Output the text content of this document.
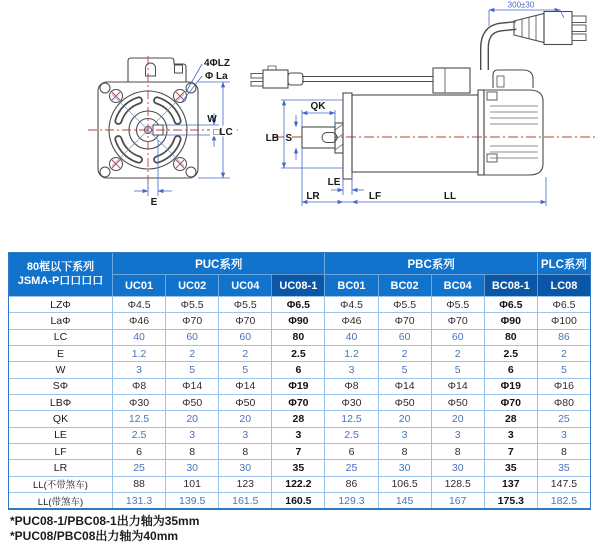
4ΦLZ
Φ La
W
□LC
E
300±30
LB S
QK
LE
LR	LF	LL
80框以下系列
JSMA-P口口口口
PUC系列	PBC系列	PLC系列
UC01	UC02	UC04	UC08-1	BC01	BC02	BC04	BC08-1	LC08
LZΦ	Φ4.5	Φ5.5	Φ5.5	Φ6.5	Φ4.5	Φ5.5	Φ5.5	Φ6.5	Φ6.5
LaΦ	Φ46	Φ70	Φ70	Φ90	Φ46	Φ70	Φ70	Φ90	Φ100
LC	40	60	60	80	40	60	60	80	86
E	1.2	2	2	2.5	1.2	2	2	2.5	2
W	3	5	5	6	3	5	5	6	5
SΦ	Φ8	Φ14	Φ14	Φ19	Φ8	Φ14	Φ14	Φ19	Φ16
LBΦ	Φ30	Φ50	Φ50	Φ70	Φ30	Φ50	Φ50	Φ70	Φ80
QK	12.5	20	20	28	12.5	20	20	28	25
LE	2.5	3	3	3	2.5	3	3	3	3
LF	6	8	8	7	6	8	8	7	8
LR	25	30	30	35	25	30	30	35	35
LL(不带煞车)	88	101	123	122.2	86	106.5	128.5	137	147.5
LL(带煞车)	131.3	139.5	161.5	160.5	129.3	145	167	175.3	182.5
*PUC08-1/PBC08-1出力轴为35mm
*PUC08/PBC08出力轴为40mm
